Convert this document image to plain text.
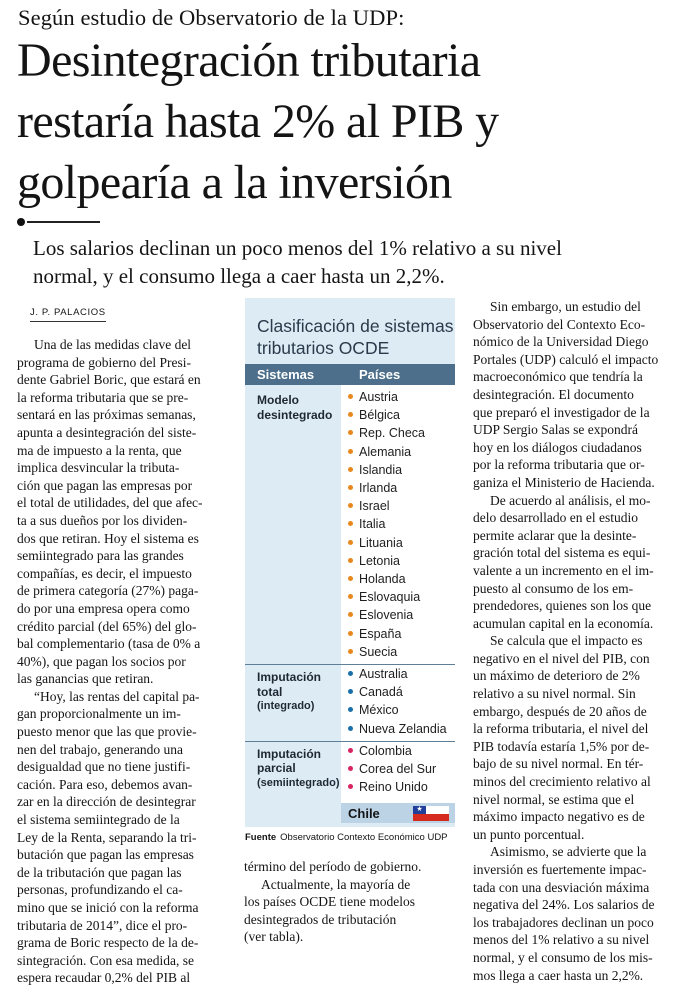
Según estudio de Observatorio de la UDP:
Desintegración tributaria
restaría hasta 2% al PIB y
golpearía a la inversión
Los salarios declinan un poco menos del 1% relativo a su nivel
normal, y el consumo llega a caer hasta un 2,2%.
J. P. PALACIOS
Una de las medidas clave del
programa de gobierno del Presi-
dente Gabriel Boric, que estará en
la reforma tributaria que se pre-
sentará en las próximas semanas,
apunta a desintegración del siste-
ma de impuesto a la renta, que
implica desvincular la tributa-
ción que pagan las empresas por
el total de utilidades, del que afec-
ta a sus dueños por los dividen-
dos que retiran. Hoy el sistema es
semiintegrado para las grandes
compañías, es decir, el impuesto
de primera categoría (27%) paga-
do por una empresa opera como
crédito parcial (del 65%) del glo-
bal complementario (tasa de 0% a
40%), que pagan los socios por
las ganancias que retiran.
“Hoy, las rentas del capital pa-
gan proporcionalmente un im-
puesto menor que las que provie-
nen del trabajo, generando una
desigualdad que no tiene justifi-
cación. Para eso, debemos avan-
zar en la dirección de desintegrar
el sistema semiintegrado de la
Ley de la Renta, separando la tri-
butación que pagan las empresas
de la tributación que pagan las
personas, profundizando el ca-
mino que se inició con la reforma
tributaria de 2014”, dice el pro-
grama de Boric respecto de la de-
sintegración. Con esa medida, se
espera recaudar 0,2% del PIB al
Clasificación de sistemas
tributarios OCDE
Sistemas	Países
Modelo
desintegrado
Austria
Bélgica
Rep. Checa
Alemania
Islandia
Irlanda
Israel
Italia
Lituania
Letonia
Holanda
Eslovaquia
Eslovenia
España
Suecia
Imputación
total
(integrado)
Australia
Canadá
México
Nueva Zelandia
Imputación
parcial
(semiintegrado)
Colombia
Corea del Sur
Reino Unido
Chile	★
Fuente Observatorio Contexto Económico UDP
término del período de gobierno.
Actualmente, la mayoría de
los países OCDE tiene modelos
desintegrados de tributación
(ver tabla).
Sin embargo, un estudio del
Observatorio del Contexto Eco-
nómico de la Universidad Diego
Portales (UDP) calculó el impacto
macroeconómico que tendría la
desintegración. El documento
que preparó el investigador de la
UDP Sergio Salas se expondrá
hoy en los diálogos ciudadanos
por la reforma tributaria que or-
ganiza el Ministerio de Hacienda.
De acuerdo al análisis, el mo-
delo desarrollado en el estudio
permite aclarar que la desinte-
gración total del sistema es equi-
valente a un incremento en el im-
puesto al consumo de los em-
prendedores, quienes son los que
acumulan capital en la economía.
Se calcula que el impacto es
negativo en el nivel del PIB, con
un máximo de deterioro de 2%
relativo a su nivel normal. Sin
embargo, después de 20 años de
la reforma tributaria, el nivel del
PIB todavía estaría 1,5% por de-
bajo de su nivel normal. En tér-
minos del crecimiento relativo al
nivel normal, se estima que el
máximo impacto negativo es de
un punto porcentual.
Asimismo, se advierte que la
inversión es fuertemente impac-
tada con una desviación máxima
negativa del 24%. Los salarios de
los trabajadores declinan un poco
menos del 1% relativo a su nivel
normal, y el consumo de los mis-
mos llega a caer hasta un 2,2%.
